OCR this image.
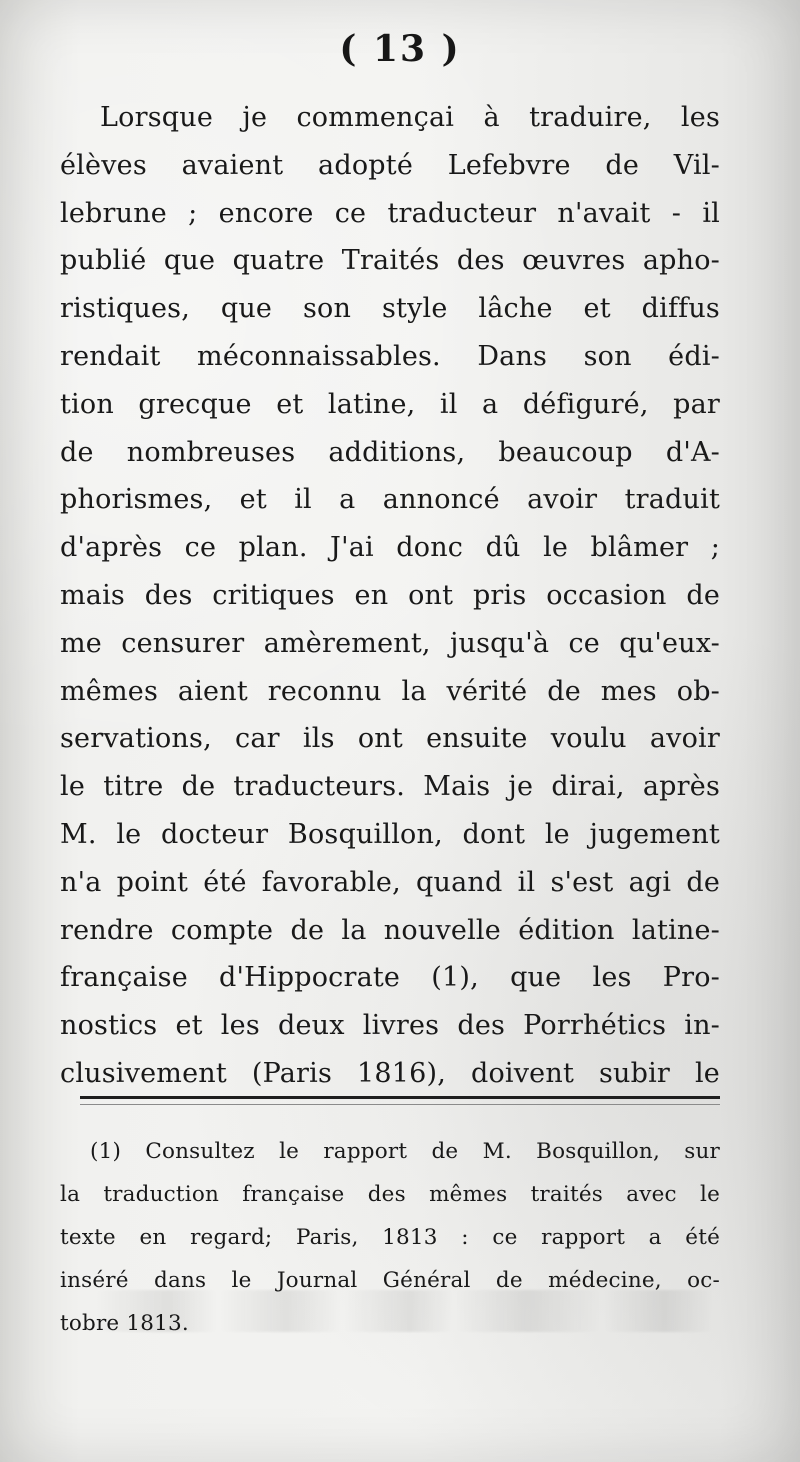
( 13 )
Lorsque je commençai à traduire, les
élèves avaient adopté Lefebvre de Vil-
lebrune ; encore ce traducteur n'avait - il
publié que quatre Traités des œuvres apho-
ristiques, que son style lâche et diffus
rendait méconnaissables. Dans son édi-
tion grecque et latine, il a défiguré, par
de nombreuses additions, beaucoup d'A-
phorismes, et il a annoncé avoir traduit
d'après ce plan. J'ai donc dû le blâmer ;
mais des critiques en ont pris occasion de
me censurer amèrement, jusqu'à ce qu'eux-
mêmes aient reconnu la vérité de mes ob-
servations, car ils ont ensuite voulu avoir
le titre de traducteurs. Mais je dirai, après
M. le docteur Bosquillon, dont le jugement
n'a point été favorable, quand il s'est agi de
rendre compte de la nouvelle édition latine-
française d'Hippocrate (1), que les Pro-
nostics et les deux livres des Porrhétics in-
clusivement (Paris 1816), doivent subir le
(1) Consultez le rapport de M. Bosquillon, sur
la traduction française des mêmes traités avec le
texte en regard; Paris, 1813 : ce rapport a été
inséré dans le Journal Général de médecine, oc-
tobre 1813.
